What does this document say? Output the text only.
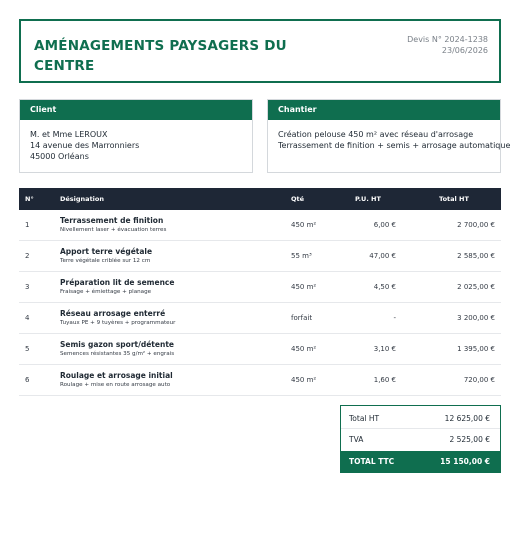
AMÉNAGEMENTS PAYSAGERS DU
CENTRE
Devis N° 2024-1238
23/06/2026
Client
M. et Mme LEROUX
14 avenue des Marronniers
45000 Orléans
Chantier
Création pelouse 450 m² avec réseau d'arrosage
Terrassement de finition + semis + arrosage automatique
N°	Désignation	Qté	P.U. HT	Total HT
1	Terrassement de finition
Nivellement laser + évacuation terres	450 m²	6,00 €	2 700,00 €
2	Apport terre végétale
Terre végétale criblée sur 12 cm	55 m³	47,00 €	2 585,00 €
3	Préparation lit de semence
Fraisage + émiettage + planage	450 m²	4,50 €	2 025,00 €
4	Réseau arrosage enterré
Tuyaux PE + 9 tuyères + programmateur	forfait	-	3 200,00 €
5	Semis gazon sport/détente
Semences résistantes 35 g/m² + engrais	450 m²	3,10 €	1 395,00 €
6	Roulage et arrosage initial
Roulage + mise en route arrosage auto	450 m²	1,60 €	720,00 €
Total HT	12 625,00 €
TVA	2 525,00 €
TOTAL TTC	15 150,00 €
